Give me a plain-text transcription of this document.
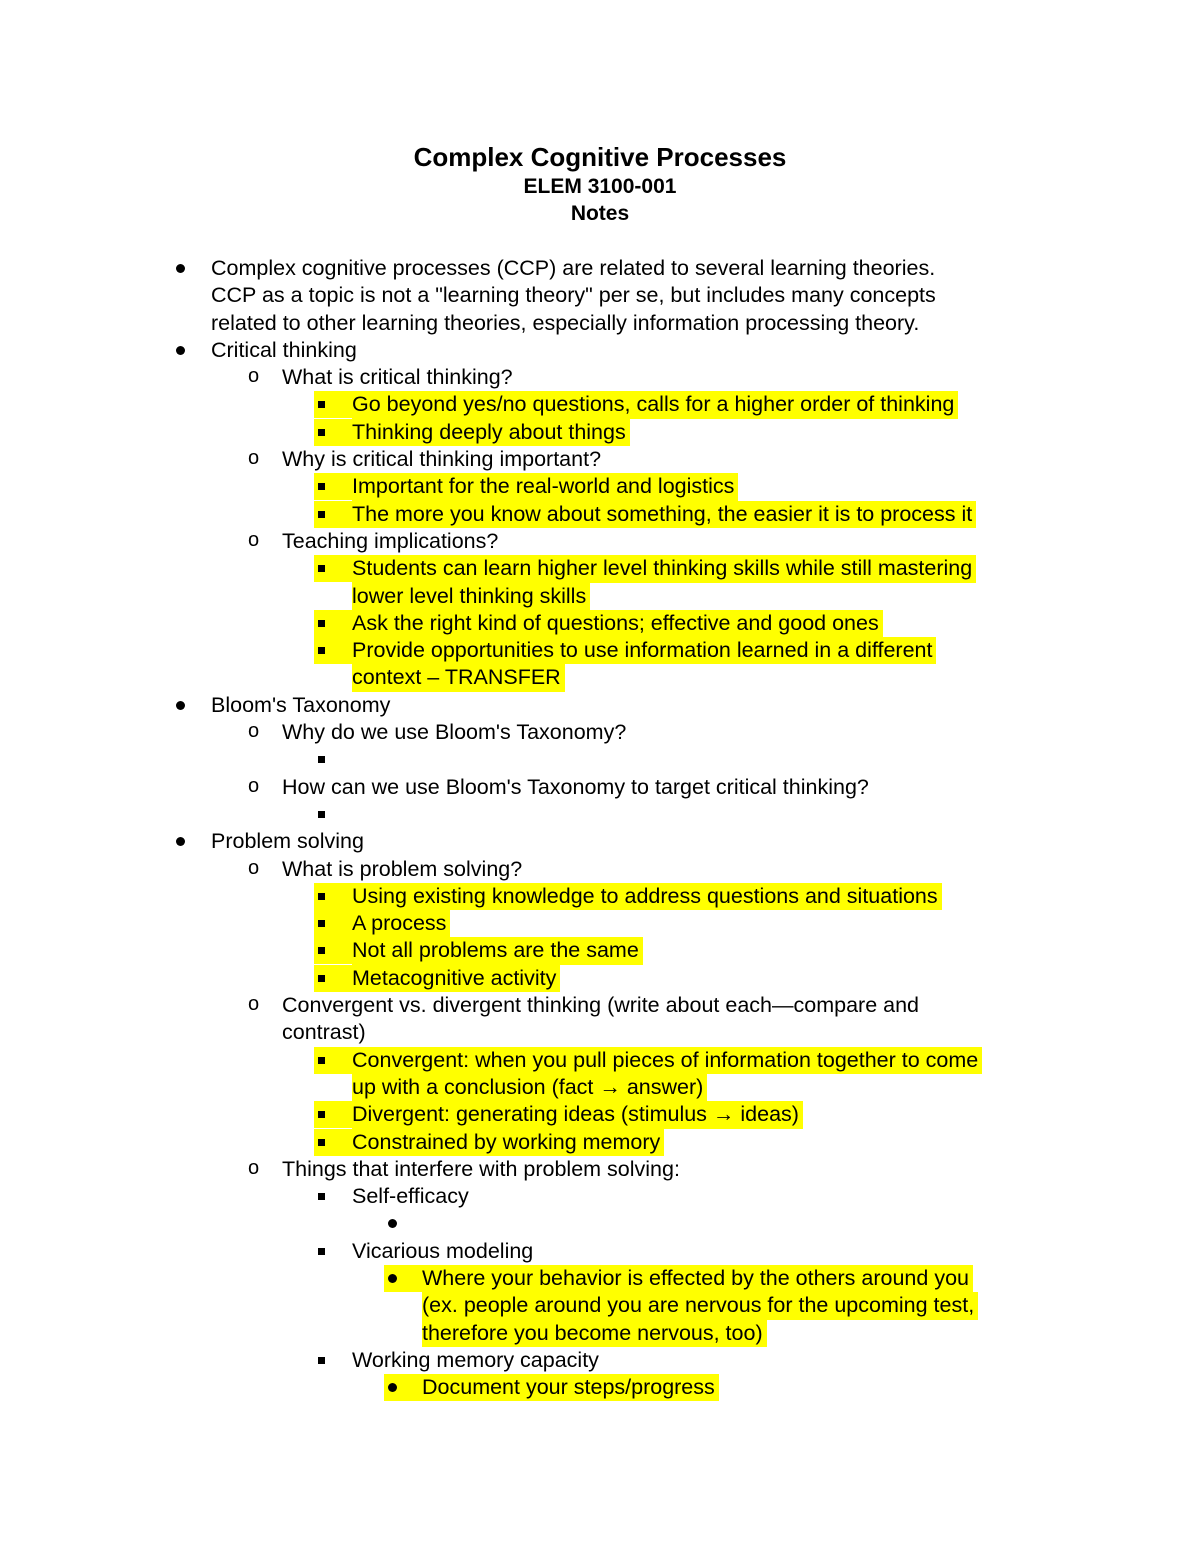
Complex Cognitive Processes
ELEM 3100-001
Notes
Complex cognitive processes (CCP) are related to several learning theories.
CCP as a topic is not a "learning theory" per se, but includes many concepts
related to other learning theories, especially information processing theory.
Critical thinking
o What is critical thinking?
Go beyond yes/no questions, calls for a higher order of thinking
Thinking deeply about things
o Why is critical thinking important?
Important for the real-world and logistics
The more you know about something, the easier it is to process it
o Teaching implications?
Students can learn higher level thinking skills while still mastering
lower level thinking skills
Ask the right kind of questions; effective and good ones
Provide opportunities to use information learned in a different
context – TRANSFER
Bloom's Taxonomy
o Why do we use Bloom's Taxonomy?
o How can we use Bloom's Taxonomy to target critical thinking?
Problem solving
o What is problem solving?
Using existing knowledge to address questions and situations
A process
Not all problems are the same
Metacognitive activity
o Convergent vs. divergent thinking (write about each—compare and
contrast)
Convergent: when you pull pieces of information together to come
up with a conclusion (fact → answer)
Divergent: generating ideas (stimulus → ideas)
Constrained by working memory
o Things that interfere with problem solving:
Self-efficacy
Vicarious modeling
Where your behavior is effected by the others around you
(ex. people around you are nervous for the upcoming test,
therefore you become nervous, too)
Working memory capacity
Document your steps/progress
